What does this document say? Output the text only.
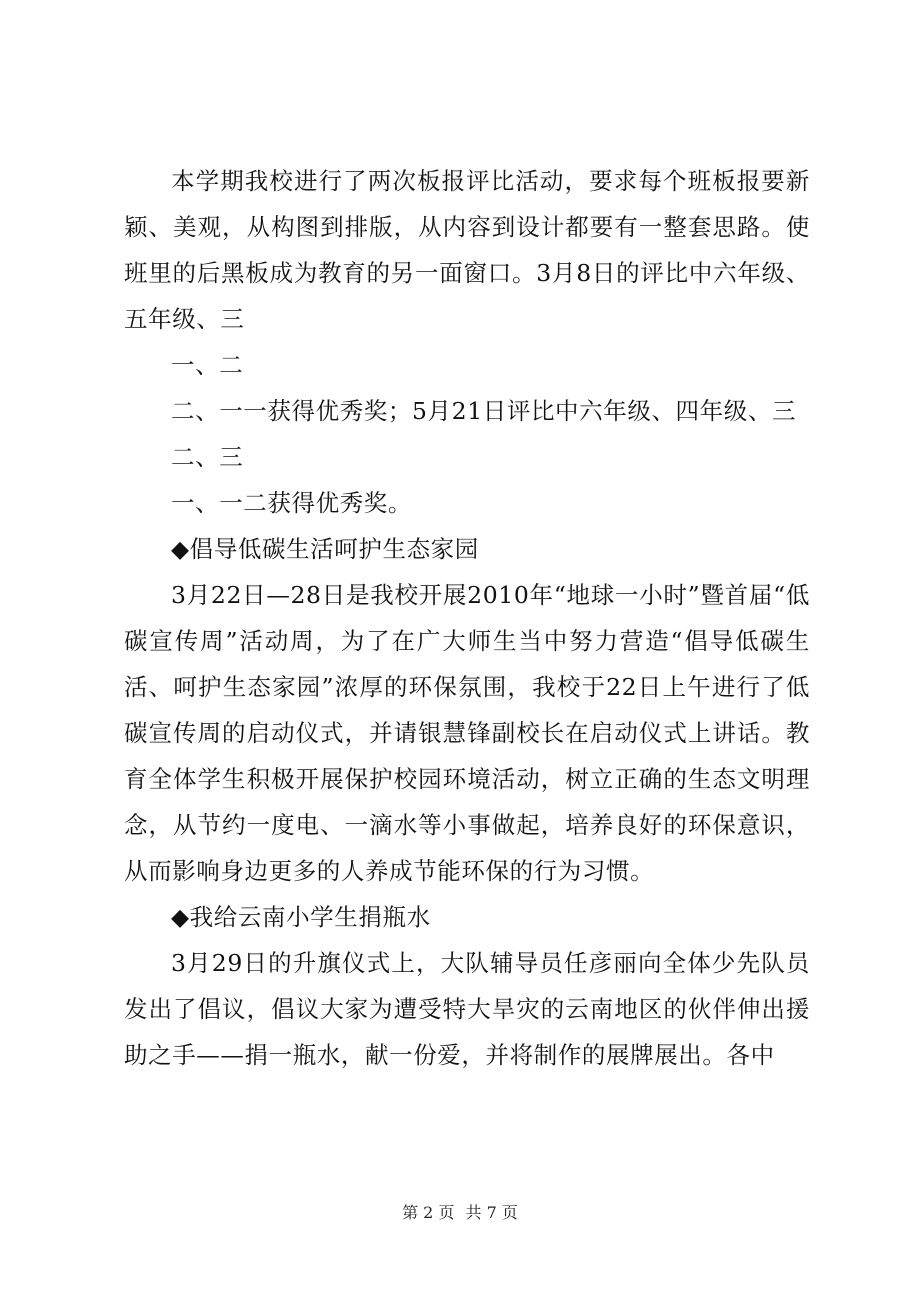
本学期我校进行了两次板报评比活动，要求每个班板报要新颖、美观，从构图到排版，从内容到设计都要有一整套思路。使班里的后黑板成为教育的另一面窗口。3月8日的评比中六年级、五年级、三

一、二

二、一一获得优秀奖；5月21日评比中六年级、四年级、三

二、三

一、一二获得优秀奖。

◆倡导低碳生活呵护生态家园

3月22日—28日是我校开展2010年“地球一小时”暨首届“低碳宣传周”活动周，为了在广大师生当中努力营造“倡导低碳生活、呵护生态家园”浓厚的环保氛围，我校于22日上午进行了低碳宣传周的启动仪式，并请银慧锋副校长在启动仪式上讲话。教育全体学生积极开展保护校园环境活动，树立正确的生态文明理念，从节约一度电、一滴水等小事做起，培养良好的环保意识，从而影响身边更多的人养成节能环保的行为习惯。

◆我给云南小学生捐瓶水

3月29日的升旗仪式上，大队辅导员任彦丽向全体少先队员发出了倡议，倡议大家为遭受特大旱灾的云南地区的伙伴伸出援助之手——捐一瓶水，献一份爱，并将制作的展牌展出。各中

第 2 页 共 7 页
